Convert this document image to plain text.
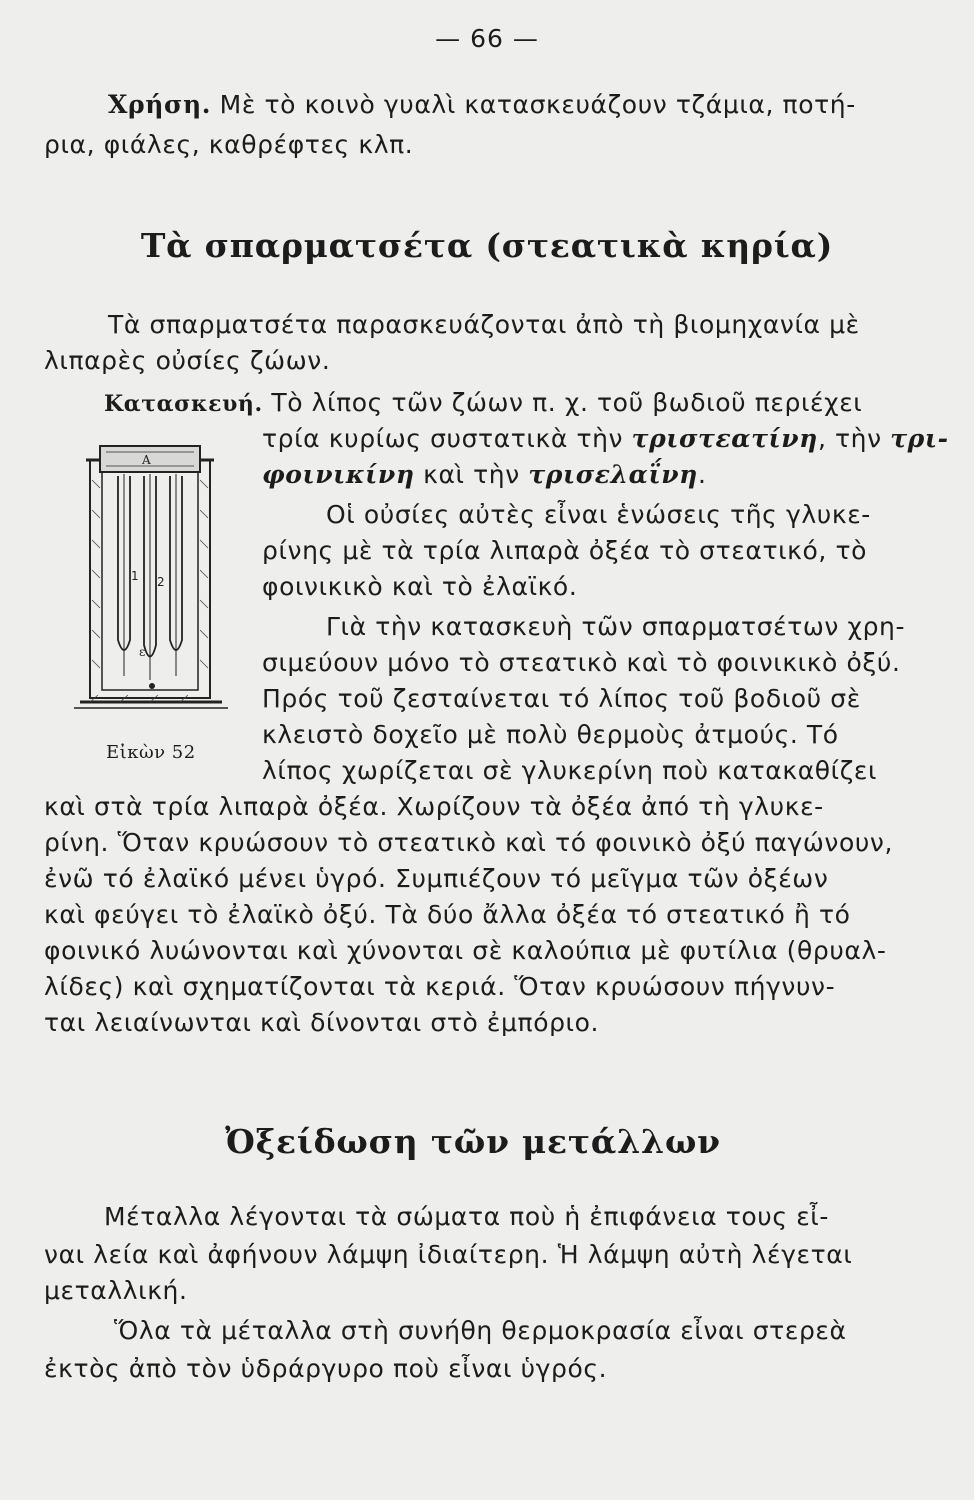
— 66 —
Χρήση. Μὲ τὸ κοινὸ γυαλὶ κατασκευάζουν τζάμια, ποτή-
ρια, φιάλες, καθρέφτες κλπ.
Τὰ σπαρματσέτα (στεατικὰ κηρία)
Τὰ σπαρματσέτα παρασκευάζονται ἀπὸ τὴ βιομηχανία μὲ
λιπαρὲς οὐσίες ζώων.
Κατασκευή. Τὸ λίπος τῶν ζώων π. χ. τοῦ βωδιοῦ περιέχει
τρία κυρίως συστατικὰ τὴν τριστεατίνη, τὴν τρι-
φοινικίνη καὶ τὴν τρισελαΐνη.
Οἱ οὐσίες αὐτὲς εἶναι ἑνώσεις τῆς γλυκε-
ρίνης μὲ τὰ τρία λιπαρὰ ὀξέα τὸ στεατικό, τὸ
φοινικικὸ καὶ τὸ ἐλαϊκό.
Γιὰ τὴν κατασκευὴ τῶν σπαρματσέτων χρη-
σιμεύουν μόνο τὸ στεατικὸ καὶ τὸ φοινικικὸ ὀξύ.
Πρός τοῦ ζεσταίνεται τό λίπος τοῦ βοδιοῦ σὲ
κλειστὸ δοχεῖο μὲ πολὺ θερμοὺς ἀτμούς. Τό
λίπος χωρίζεται σὲ γλυκερίνη ποὺ κατακαθίζει
καὶ στὰ τρία λιπαρὰ ὀξέα. Χωρίζουν τὰ ὀξέα ἀπό τὴ γλυκε-
ρίνη. Ὅταν κρυώσουν τὸ στεατικὸ καὶ τό φοινικὸ ὀξύ παγώνουν,
ἐνῶ τό ἐλαϊκό μένει ὑγρό. Συμπιέζουν τό μεῖγμα τῶν ὀξέων
καὶ φεύγει τὸ ἐλαϊκὸ ὀξύ. Τὰ δύο ἄλλα ὀξέα τό στεατικό ἢ τό
φοινικό λυώνονται καὶ χύνονται σὲ καλούπια μὲ φυτίλια (θρυαλ-
λίδες) καὶ σχηματίζονται τὰ κεριά. Ὅταν κρυώσουν πήγνυν-
ται λειαίνωνται καὶ δίνονται στὸ ἐμπόριο.
A
1 2
ε
Εἰκὼν 52
Ὀξείδωση τῶν μετάλλων
Μέταλλα λέγονται τὰ σώματα ποὺ ἡ ἐπιφάνεια τους εἶ-
ναι λεία καὶ ἀφήνουν λάμψη ἰδιαίτερη. Ἡ λάμψη αὐτὴ λέγεται
μεταλλική.
Ὅλα τὰ μέταλλα στὴ συνήθη θερμοκρασία εἶναι στερεὰ
ἐκτὸς ἀπὸ τὸν ὑδράργυρο ποὺ εἶναι ὑγρός.
